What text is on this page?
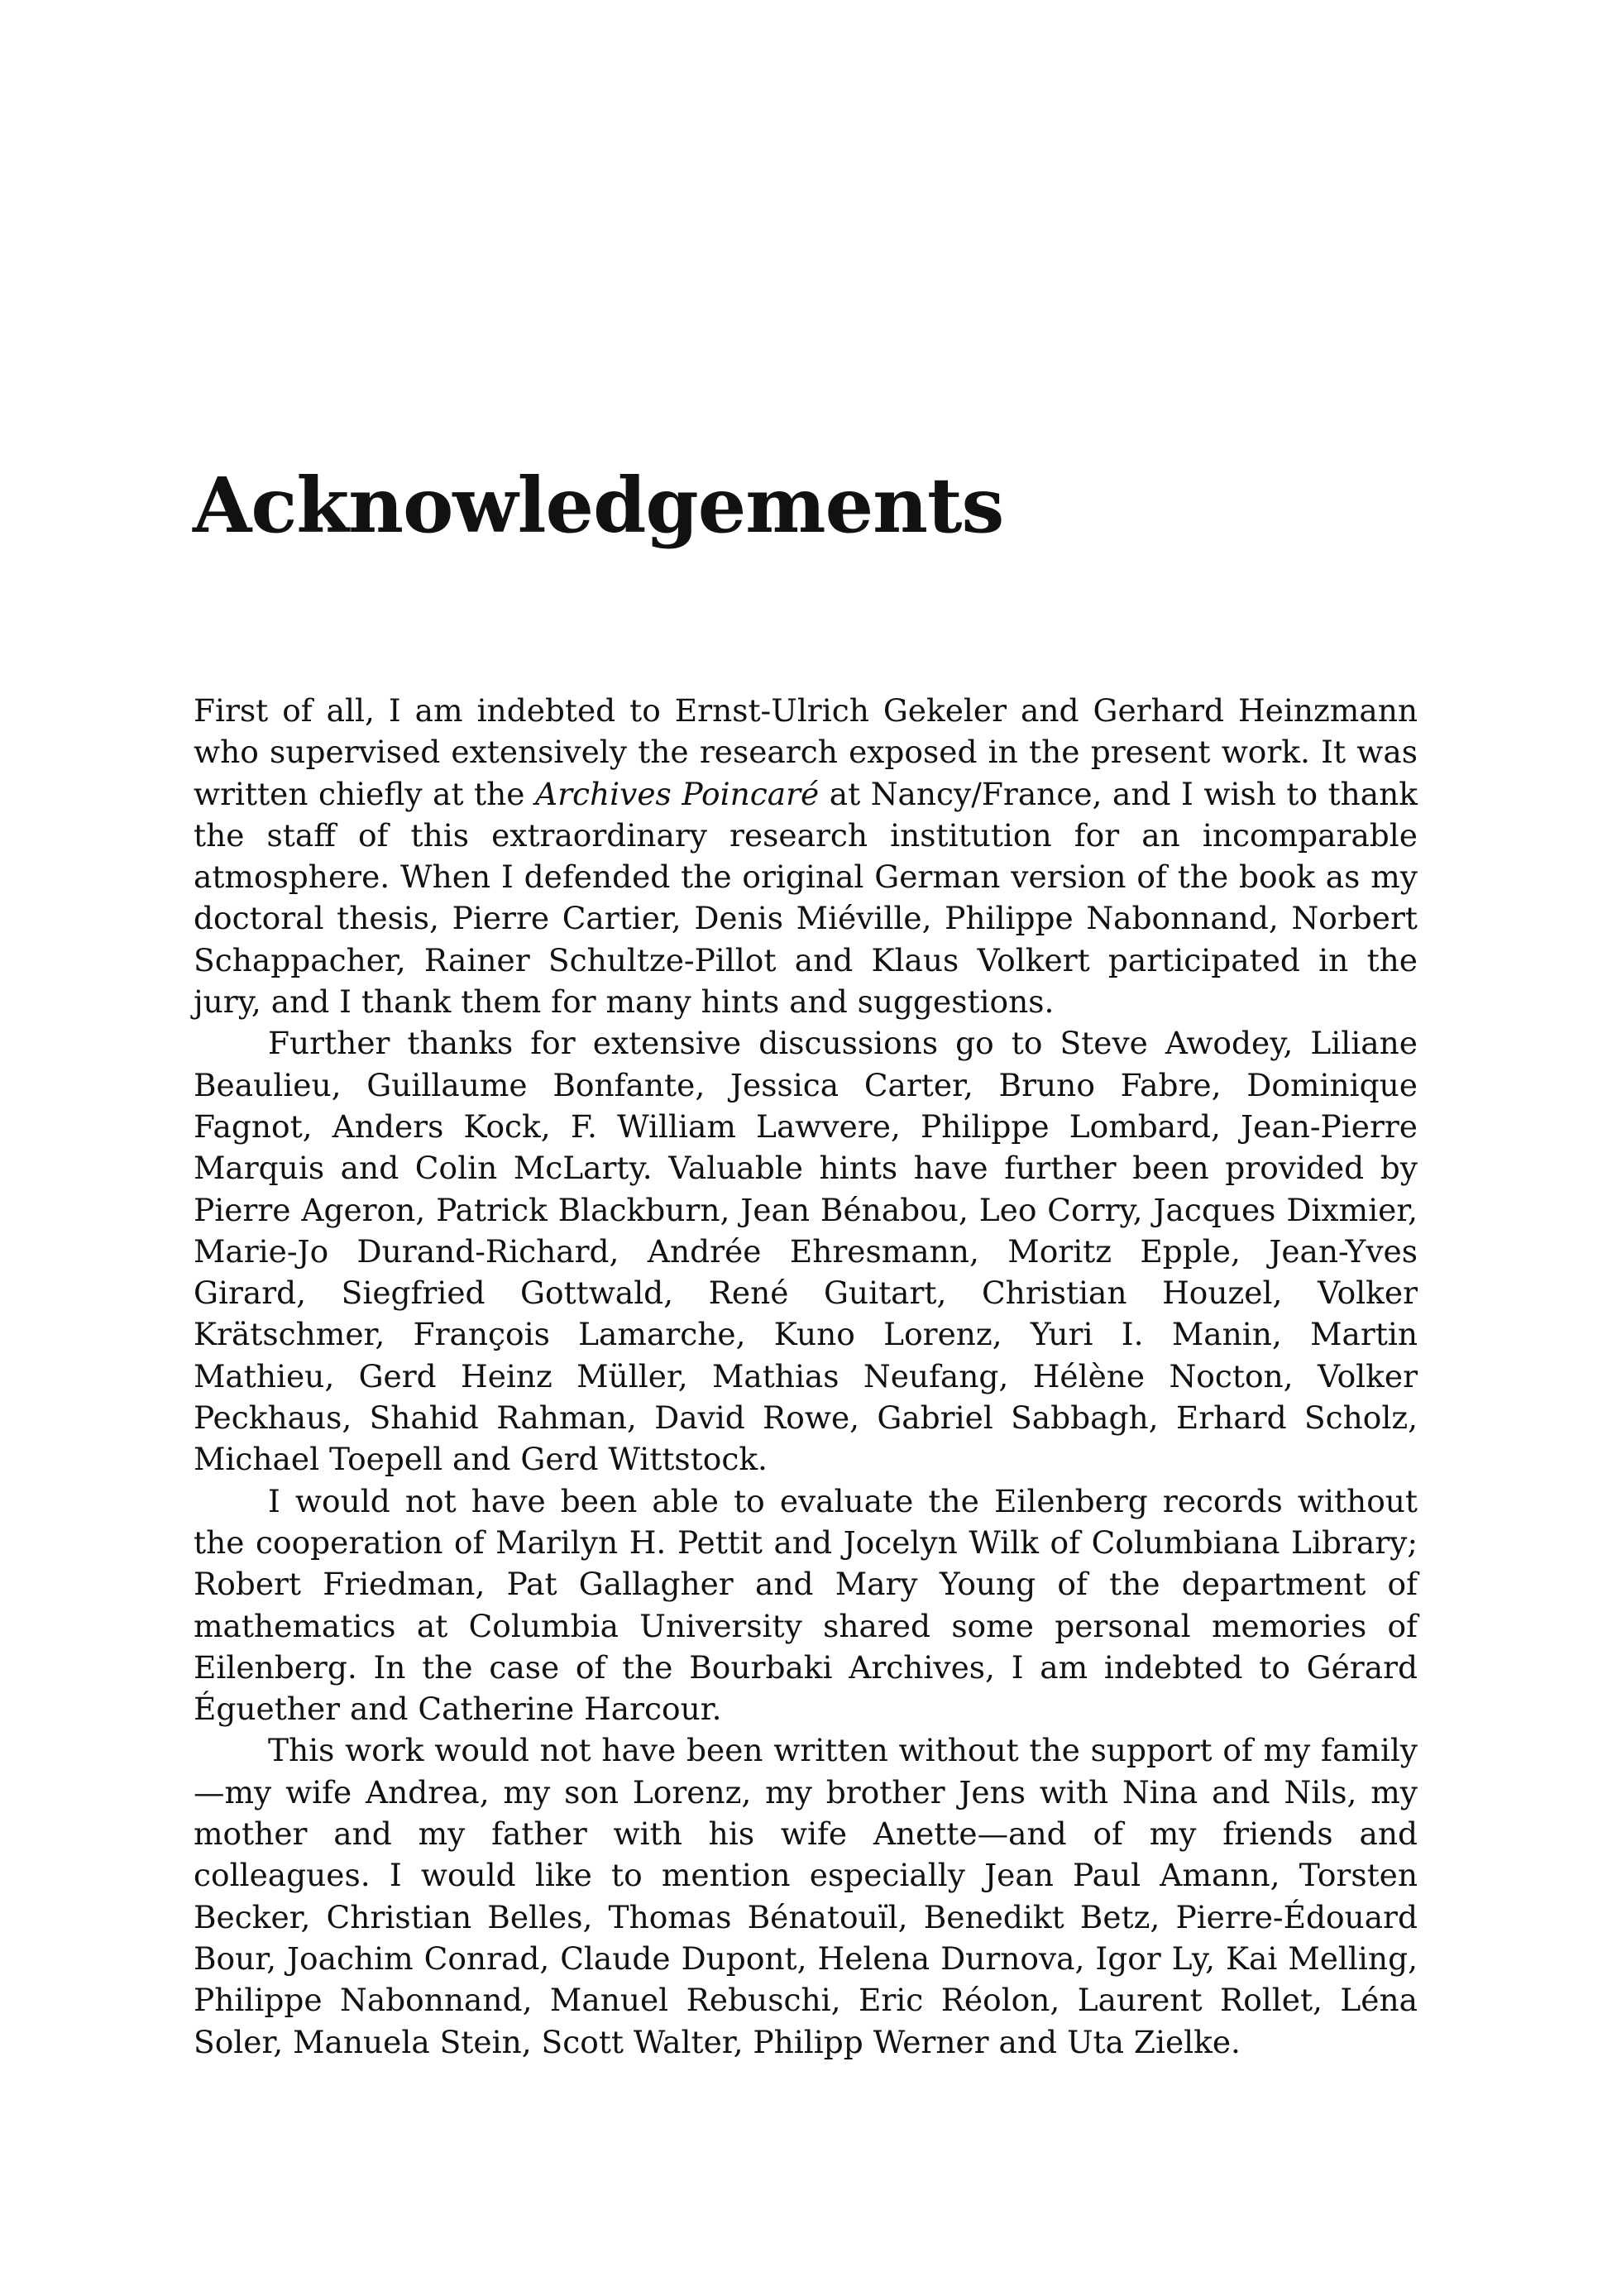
Acknowledgements

First of all, I am indebted to Ernst-Ulrich Gekeler and Gerhard Heinzmann who supervised extensively the research exposed in the present work. It was written chiefly at the Archives Poincaré at Nancy/France, and I wish to thank the staff of this extraordinary research institution for an incomparable atmosphere. When I defended the original German version of the book as my doctoral thesis, Pierre Cartier, Denis Miéville, Philippe Nabonnand, Norbert Schappacher, Rainer Schultze-Pillot and Klaus Volkert participated in the jury, and I thank them for many hints and suggestions.

Further thanks for extensive discussions go to Steve Awodey, Liliane Beaulieu, Guillaume Bonfante, Jessica Carter, Bruno Fabre, Dominique Fagnot, Anders Kock, F. William Lawvere, Philippe Lombard, Jean-Pierre Marquis and Colin McLarty. Valuable hints have further been provided by Pierre Ageron, Patrick Blackburn, Jean Bénabou, Leo Corry, Jacques Dixmier, Marie-Jo Durand-Richard, Andrée Ehresmann, Moritz Epple, Jean-Yves Girard, Siegfried Gottwald, René Guitart, Christian Houzel, Volker Krätschmer, François Lamarche, Kuno Lorenz, Yuri I. Manin, Martin Mathieu, Gerd Heinz Müller, Mathias Neufang, Hélène Nocton, Volker Peckhaus, Shahid Rahman, David Rowe, Gabriel Sabbagh, Erhard Scholz, Michael Toepell and Gerd Wittstock.

I would not have been able to evaluate the Eilenberg records without the cooperation of Marilyn H. Pettit and Jocelyn Wilk of Columbiana Library; Robert Friedman, Pat Gallagher and Mary Young of the department of mathematics at Columbia University shared some personal memories of Eilenberg. In the case of the Bourbaki Archives, I am indebted to Gérard Éguether and Catherine Harcour.

This work would not have been written without the support of my family—my wife Andrea, my son Lorenz, my brother Jens with Nina and Nils, my mother and my father with his wife Anette—and of my friends and colleagues. I would like to mention especially Jean Paul Amann, Torsten Becker, Christian Belles, Thomas Bénatouïl, Benedikt Betz, Pierre-Édouard Bour, Joachim Conrad, Claude Dupont, Helena Durnova, Igor Ly, Kai Melling, Philippe Nabonnand, Manuel Rebuschi, Eric Réolon, Laurent Rollet, Léna Soler, Manuela Stein, Scott Walter, Philipp Werner and Uta Zielke.
